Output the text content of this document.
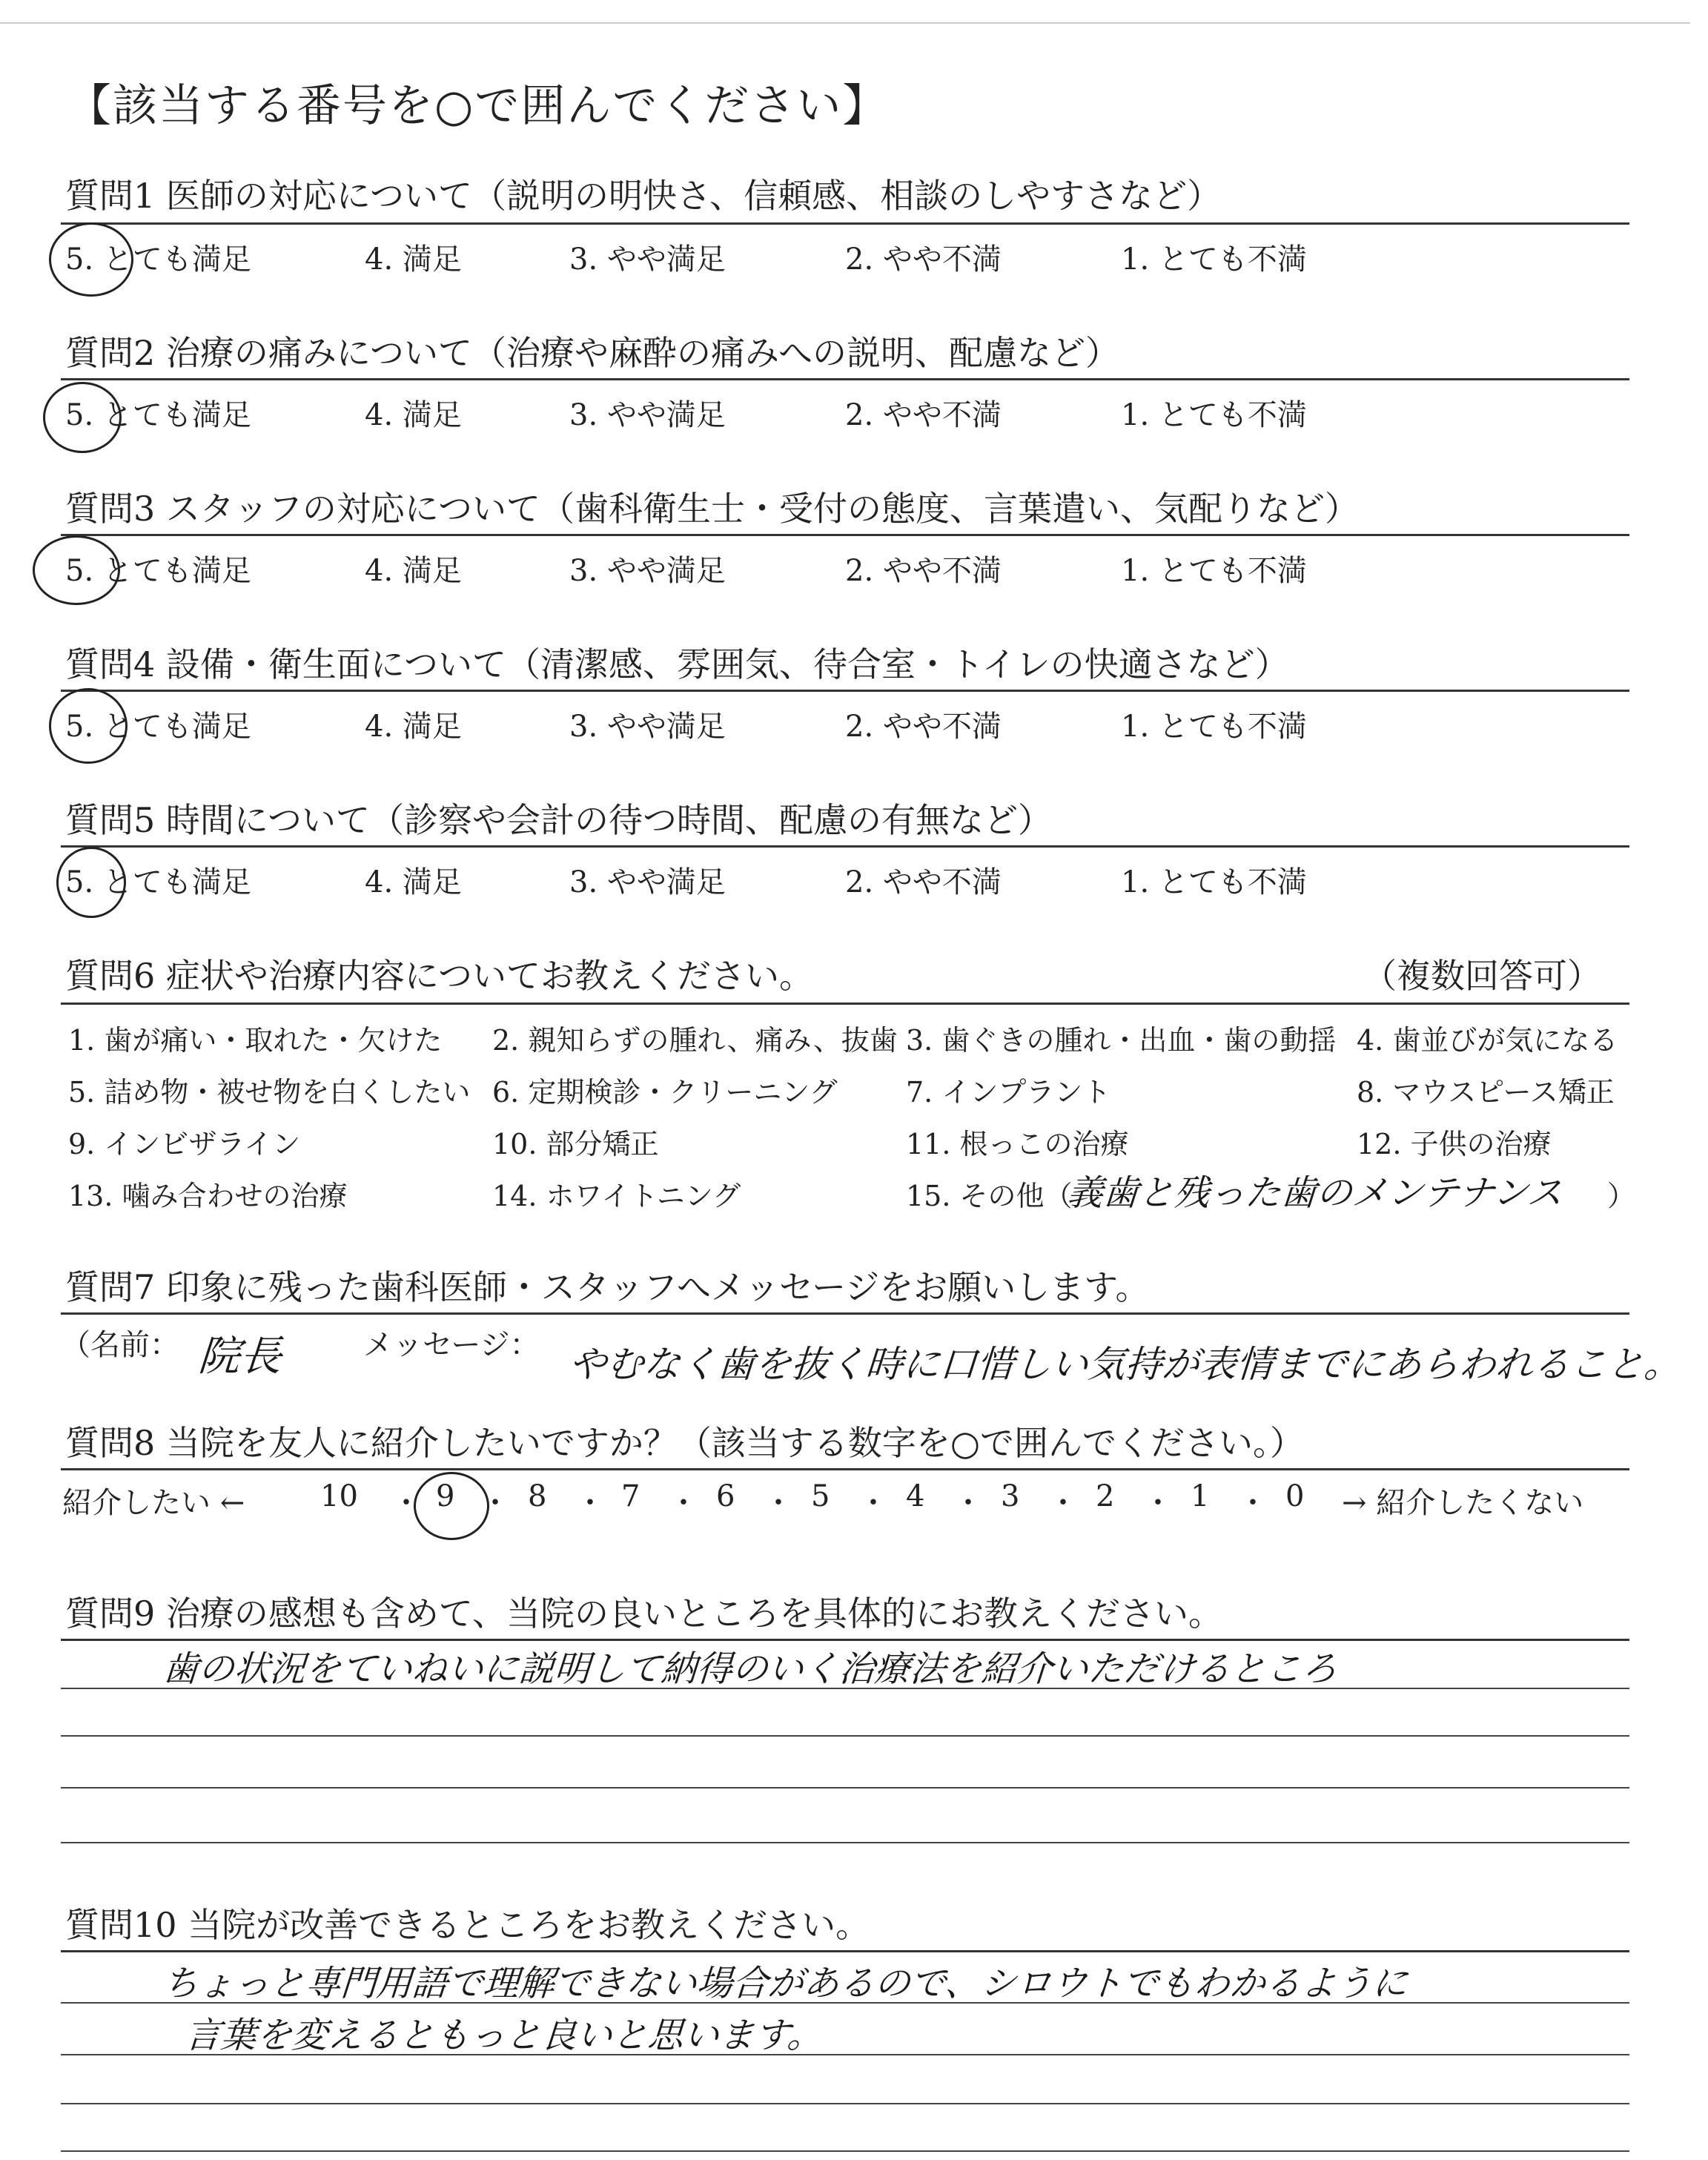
【該当する番号を○で囲んでください】
質問1 医師の対応について（説明の明快さ、信頼感、相談のしやすさなど）
5. とても満足	4. 満足	3. やや満足	2. やや不満	1. とても不満
質問2 治療の痛みについて（治療や麻酔の痛みへの説明、配慮など）
5. とても満足	4. 満足	3. やや満足	2. やや不満	1. とても不満
質問3 スタッフの対応について（歯科衛生士・受付の態度、言葉遣い、気配りなど）
5. とても満足	4. 満足	3. やや満足	2. やや不満	1. とても不満
質問4 設備・衛生面について（清潔感、雰囲気、待合室・トイレの快適さなど）
5. とても満足	4. 満足	3. やや満足	2. やや不満	1. とても不満
質問5 時間について（診察や会計の待つ時間、配慮の有無など）
5. とても満足	4. 満足	3. やや満足	2. やや不満	1. とても不満
質問6 症状や治療内容についてお教えください。	（複数回答可）
1. 歯が痛い・取れた・欠けた 2. 親知らずの腫れ、痛み、抜歯 3. 歯ぐきの腫れ・出血・歯の動揺 4. 歯並びが気になる
5. 詰め物・被せ物を白くしたい 6. 定期検診・クリーニング 7. インプラント	8. マウスピース矯正
9. インビザライン	10. 部分矯正	11. 根っこの治療	12. 子供の治療
13. 噛み合わせの治療	14. ホワイトニング	15. その他（
義歯と残った歯のメンテナンス ）
質問7 印象に残った歯科医師・スタッフへメッセージをお願いします。
（名前： 院長	メッセージ： やむなく歯を抜く時に口惜しい気持が表情までにあらわれること。
質問8 当院を友人に紹介したいですか？（該当する数字を○で囲んでください。）
紹介したい ←	10 ・ 9 ・ 8 ・ 7 ・ 6 ・ 5 ・ 4 ・ 3 ・ 2 ・ 1 ・ 0 → 紹介したくない
質問9 治療の感想も含めて、当院の良いところを具体的にお教えください。
歯の状況をていねいに説明して納得のいく治療法を紹介いただけるところ
質問10 当院が改善できるところをお教えください。
ちょっと専門用語で理解できない場合があるので、シロウトでもわかるように
言葉を変えるともっと良いと思います。
